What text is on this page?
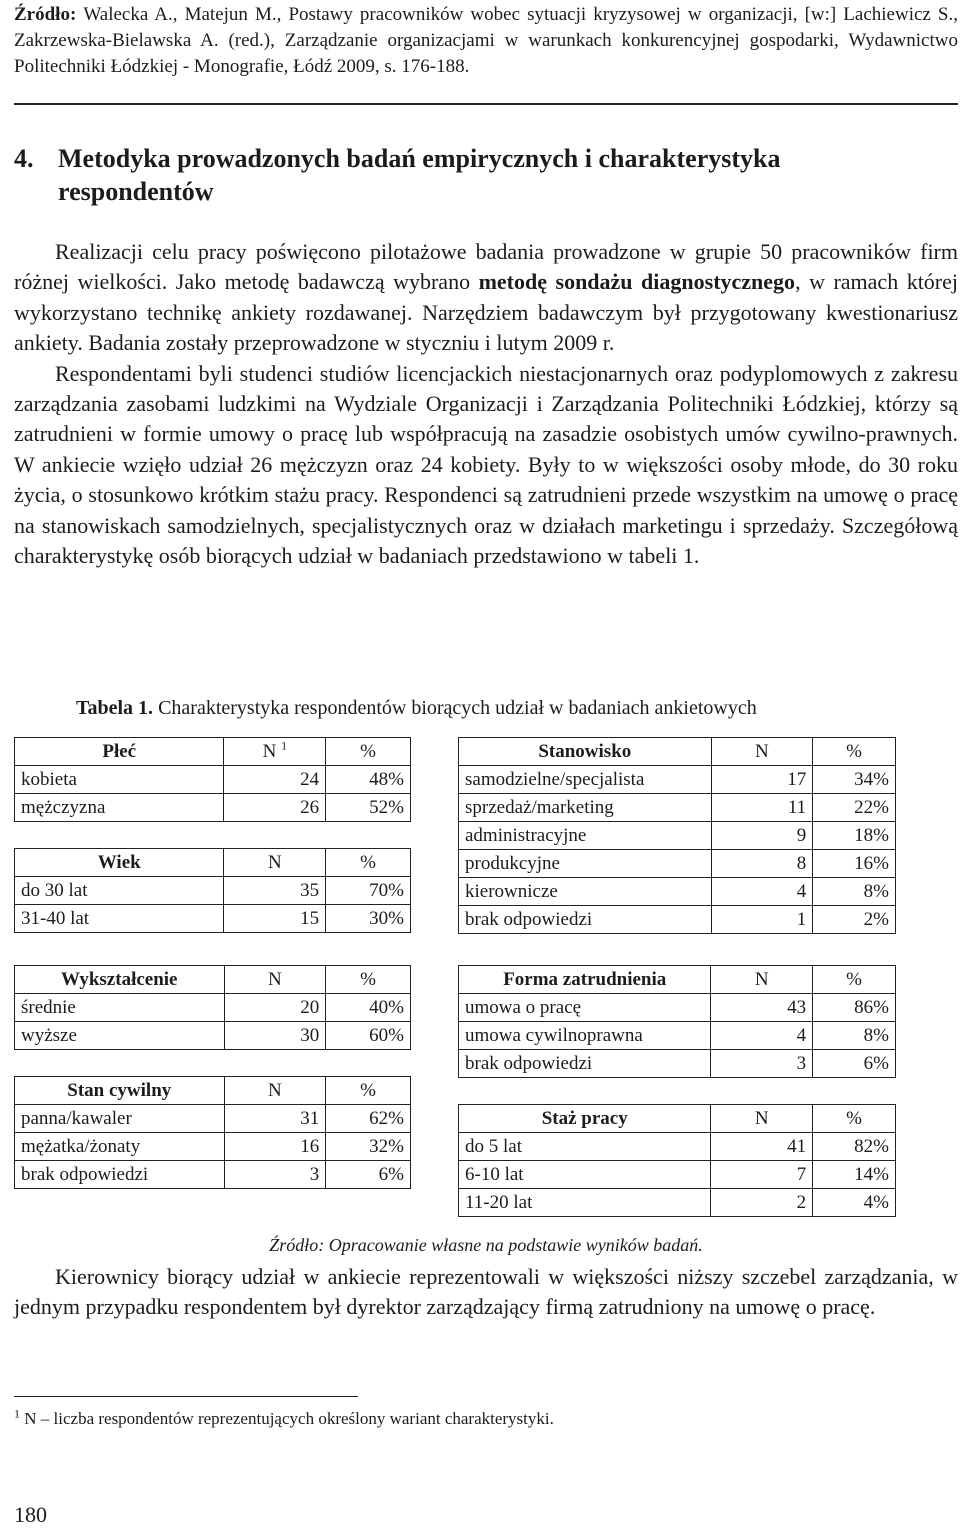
Źródło: Walecka A., Matejun M., Postawy pracowników wobec sytuacji kryzysowej w organizacji, [w:] Lachiewicz S., Zakrzewska-Bielawska A. (red.), Zarządzanie organizacjami w warunkach konkurencyjnej gospodarki, Wydawnictwo Politechniki Łódzkiej - Monografie, Łódź 2009, s. 176-188.
4. Metodyka prowadzonych badań empirycznych i charakterystyka
respondentów

Realizacji celu pracy poświęcono pilotażowe badania prowadzone w grupie 50 pracowników firm różnej wielkości. Jako metodę badawczą wybrano metodę sondażu diagnostycznego, w ramach której wykorzystano technikę ankiety rozdawanej. Narzędziem badawczym był przygotowany kwestionariusz ankiety. Badania zostały przeprowadzone w styczniu i lutym 2009 r.

Respondentami byli studenci studiów licencjackich niestacjonarnych oraz podyplomowych z zakresu zarządzania zasobami ludzkimi na Wydziale Organizacji i Zarządzania Politechniki Łódzkiej, którzy są zatrudnieni w formie umowy o pracę lub współpracują na zasadzie osobistych umów cywilno-prawnych. W ankiecie wzięło udział 26 mężczyzn oraz 24 kobiety. Były to w większości osoby młode, do 30 roku życia, o stosunkowo krótkim stażu pracy. Respondenci są zatrudnieni przede wszystkim na umowę o pracę na stanowiskach samodzielnych, specjalistycznych oraz w działach marketingu i sprzedaży. Szczegółową charakterystykę osób biorących udział w badaniach przedstawiono w tabeli 1.

Tabela 1. Charakterystyka respondentów biorących udział w badaniach ankietowych
Płeć	N $^1$	%
kobieta	24	48%
mężczyzna	26	52%

Wiek	N	%
do 30 lat	35	70%
31-40 lat	15	30%
Stanowisko	N	%
samodzielne/specjalista	17	34%
sprzedaż/marketing	11	22%
administracyjne	9	18%
produkcyjne	8	16%
kierownicze	4	8%
brak odpowiedzi	1	2%
Wykształcenie	N	%
średnie	20	40%
wyższe	30	60%

Stan cywilny	N	%
panna/kawaler	31	62%
mężatka/żonaty	16	32%
brak odpowiedzi	3	6%
Forma zatrudnienia	N	%
umowa o pracę	43	86%
umowa cywilnoprawna	4	8%
brak odpowiedzi	3	6%

Staż pracy	N	%
do 5 lat	41	82%
6-10 lat	7	14%
11-20 lat	2	4%
Źródło: Opracowanie własne na podstawie wyników badań.
Kierownicy biorący udział w ankiecie reprezentowali w większości niższy szczebel zarządzania, w jednym przypadku respondentem był dyrektor zarządzający firmą zatrudniony na umowę o pracę.
$^1$ N – liczba respondentów reprezentujących określony wariant charakterystyki.
180
